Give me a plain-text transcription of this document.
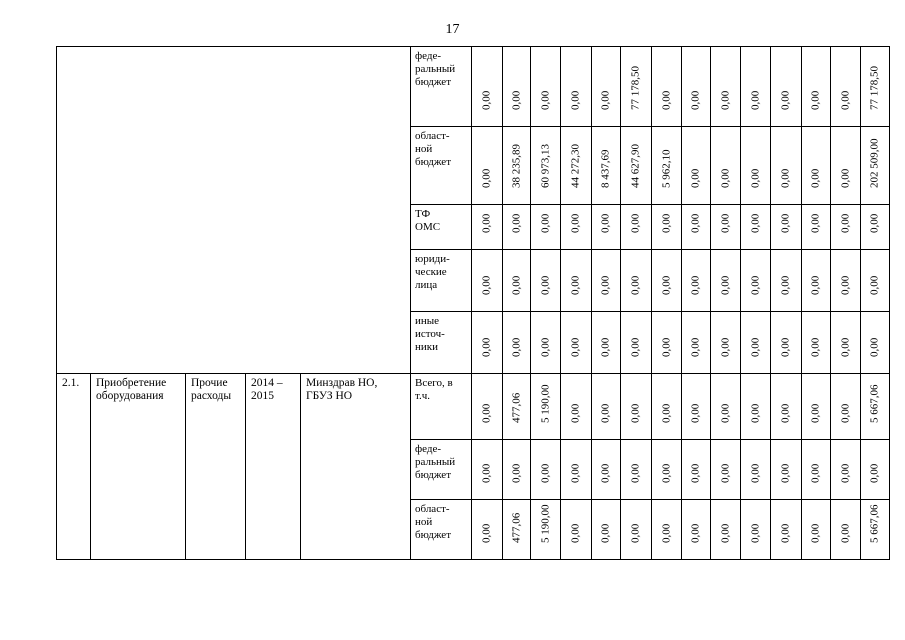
17
					феде-
ральный
бюджет	0,00	0,00	0,00	0,00	0,00	77 178,50	0,00	0,00	0,00	0,00	0,00	0,00	0,00	77 178,50

					област-
ной
бюджет	0,00	38 235,89	60 973,13	44 272,30	8 437,69	44 627,90	5 962,10	0,00	0,00	0,00	0,00	0,00	0,00	202 509,00

					ТФ
ОМС	0,00	0,00	0,00	0,00	0,00	0,00	0,00	0,00	0,00	0,00	0,00	0,00	0,00	0,00

					юриди-
ческие
лица	0,00	0,00	0,00	0,00	0,00	0,00	0,00	0,00	0,00	0,00	0,00	0,00	0,00	0,00

					иные
источ-
ники	0,00	0,00	0,00	0,00	0,00	0,00	0,00	0,00	0,00	0,00	0,00	0,00	0,00	0,00

2.1.	Приобретение оборудования	Прочие расходы	2014 – 2015	Минздрав НО, ГБУЗ НО	Всего, в
т.ч.	0,00	477,06	5 190,00	0,00	0,00	0,00	0,00	0,00	0,00	0,00	0,00	0,00	0,00	5 667,06

					феде-
ральный
бюджет	0,00	0,00	0,00	0,00	0,00	0,00	0,00	0,00	0,00	0,00	0,00	0,00	0,00	0,00

					област-
ной
бюджет	0,00	477,06	5 190,00	0,00	0,00	0,00	0,00	0,00	0,00	0,00	0,00	0,00	0,00	5 667,06
